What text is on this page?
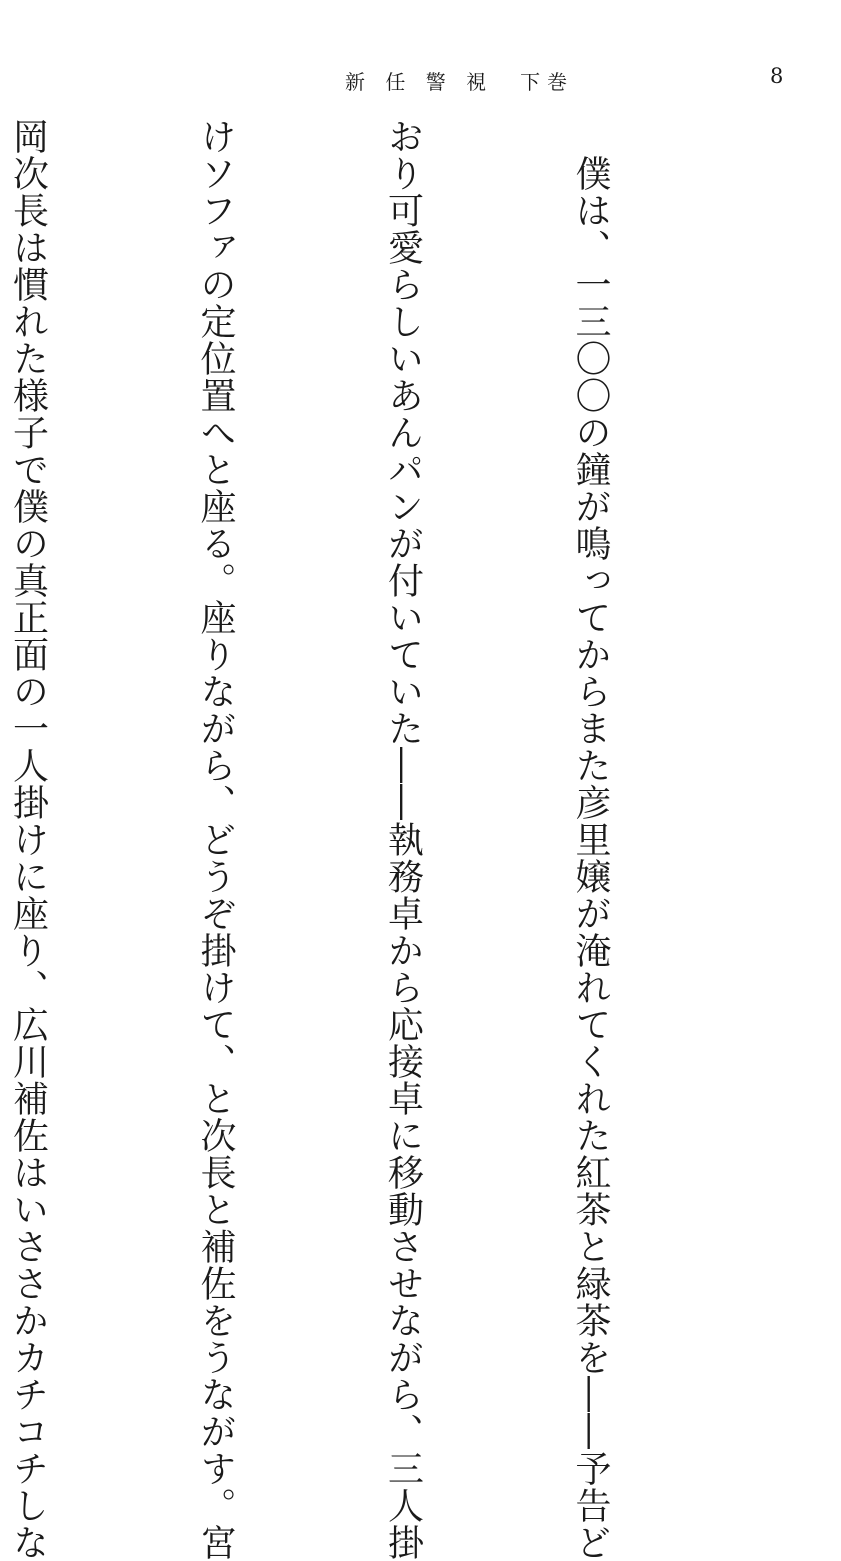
新 任 警 視　下巻	8

　僕は、一三〇〇の鐘が鳴ってからまた彦里嬢が淹れてくれた紅茶と緑茶を――予告ど

おり可愛らしいあんパンが付いていた――執務卓から応接卓に移動させながら、三人掛

けソファの定位置へと座る。座りながら、どうぞ掛けて、と次長と補佐をうながす。宮

岡次長は慣れた様子で僕の真正面の一人掛けに座り、広川補佐はいささかカチコチしな
